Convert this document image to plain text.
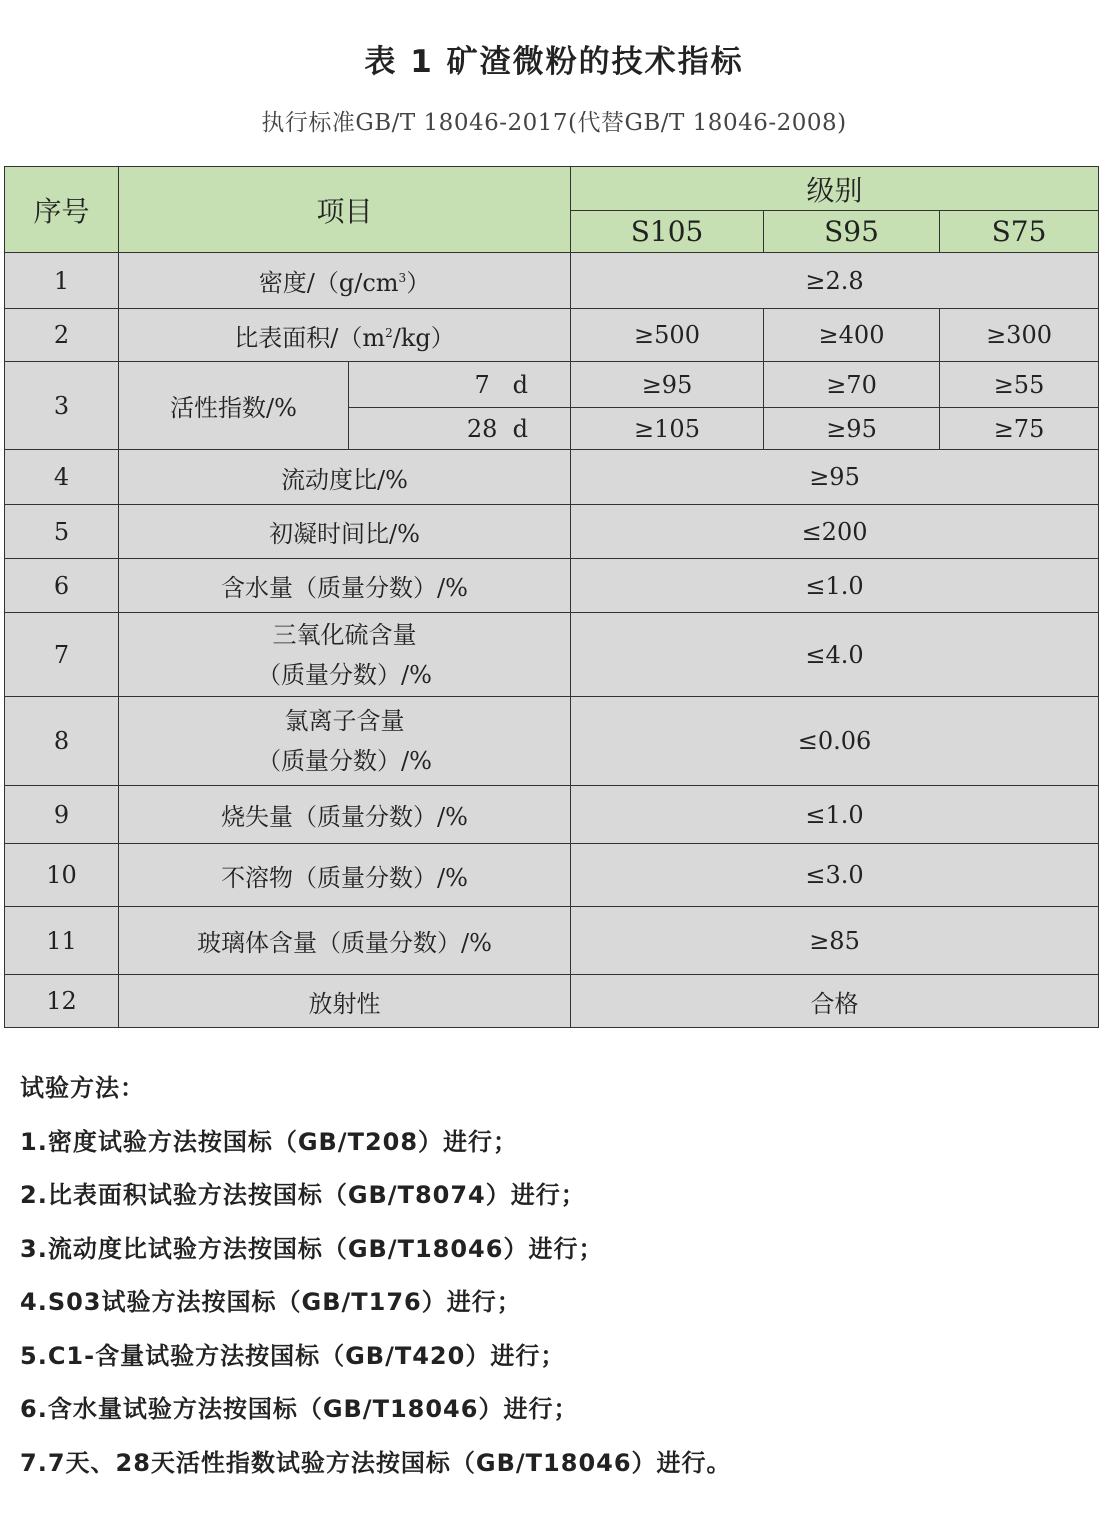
表 1 矿渣微粉的技术指标
执行标准GB/T 18046-2017(代替GB/T 18046-2008)
序号	项目		级别		
			S105	S95	S75
1	密度$/(g/cm^3)$		≥2.8		
2	比表面积$/(m^2/kg)$		≥500	≥400	≥300
3	活性指数/%	7   d	≥95	≥70	≥55
		28  d	≥105	≥95	≥75
4	流动度比/%		≥95		
5	初凝时间比/%		≤200		
6	含水量（质量分数）/%		≤1.0		
7	三氧化硫含量
（质量分数）/%		≤4.0		
8	氯离子含量
（质量分数）/%		≤0.06		
9	烧失量（质量分数）/%		≤1.0		
10	不溶物（质量分数）/%		≤3.0		
11	玻璃体含量（质量分数）/%		≥85		
12	放射性		合格		
试验方法：
1.密度试验方法按国标（GB/T208）进行；
2.比表面积试验方法按国标（GB/T8074）进行；
3.流动度比试验方法按国标（GB/T18046）进行；
4.S03试验方法按国标（GB/T176）进行；
5.C1-含量试验方法按国标（GB/T420）进行；
6.含水量试验方法按国标（GB/T18046）进行；
7.7天、28天活性指数试验方法按国标（GB/T18046）进行。
